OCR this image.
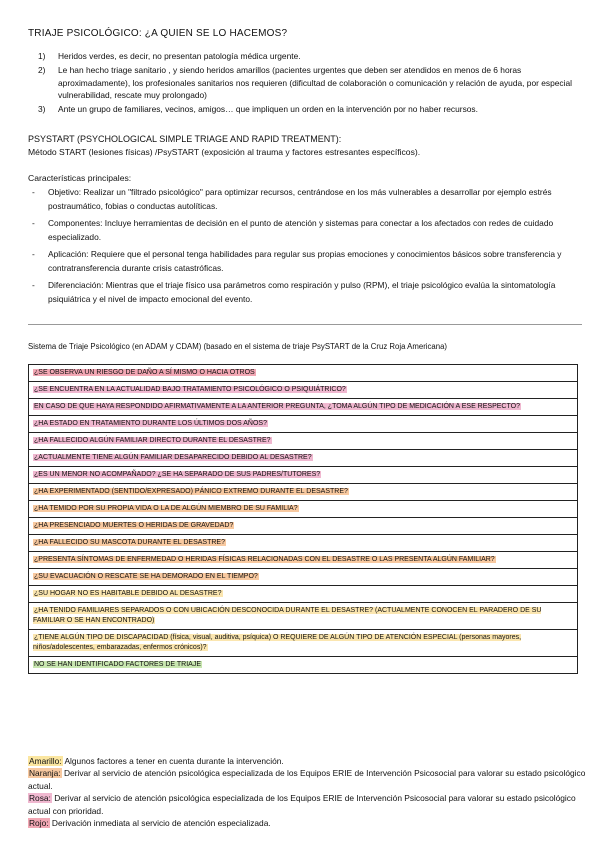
TRIAJE PSICOLÓGICO: ¿A QUIEN SE LO HACEMOS?
1) Heridos verdes, es decir, no presentan patología médica urgente.
2) Le han hecho triage sanitario , y siendo heridos amarillos (pacientes urgentes que deben ser atendidos en menos de 6 horas aproximadamente), los profesionales sanitarios nos requieren (dificultad de colaboración o comunicación y relación de ayuda, por especial vulnerabilidad, rescate muy prolongado)
3) Ante un grupo de familiares, vecinos, amigos… que impliquen un orden en la intervención por no haber recursos.
PSYSTART (PSYCHOLOGICAL SIMPLE TRIAGE AND RAPID TREATMENT):
Método START (lesiones físicas) /PsySTART (exposición al trauma y factores estresantes específicos).
Características principales:
- Objetivo: Realizar un "filtrado psicológico" para optimizar recursos, centrándose en los más vulnerables a desarrollar por ejemplo estrés postraumático, fobias o conductas autolíticas.
- Componentes: Incluye herramientas de decisión en el punto de atención y sistemas para conectar a los afectados con redes de cuidado especializado.
- Aplicación: Requiere que el personal tenga habilidades para regular sus propias emociones y conocimientos básicos sobre transferencia y contratransferencia durante crisis catastróficas.
- Diferenciación: Mientras que el triaje físico usa parámetros como respiración y pulso (RPM), el triaje psicológico evalúa la sintomatología psiquiátrica y el nivel de impacto emocional del evento.
Sistema de Triaje Psicológico (en ADAM y CDAM) (basado en el sistema de triaje PsySTART de la Cruz Roja Americana)
¿SE OBSERVA UN RIESGO DE DAÑO A SÍ MISMO O HACIA OTROS
¿SE ENCUENTRA EN LA ACTUALIDAD BAJO TRATAMIENTO PSICOLÓGICO O PSIQUIÁTRICO?
EN CASO DE QUE HAYA RESPONDIDO AFIRMATIVAMENTE A LA ANTERIOR PREGUNTA, ¿TOMA ALGÚN TIPO DE MEDICACIÓN A ESE RESPECTO?
¿HA ESTADO EN TRATAMIENTO DURANTE LOS ÚLTIMOS DOS AÑOS?
¿HA FALLECIDO ALGÚN FAMILIAR DIRECTO DURANTE EL DESASTRE?
¿ACTUALMENTE TIENE ALGÚN FAMILIAR DESAPARECIDO DEBIDO AL DESASTRE?
¿ES UN MENOR NO ACOMPAÑADO? ¿SE HA SEPARADO DE SUS PADRES/TUTORES?
¿HA EXPERIMENTADO (SENTIDO/EXPRESADO) PÁNICO EXTREMO DURANTE EL DESASTRE?
¿HA TEMIDO POR SU PROPIA VIDA O LA DE ALGÚN MIEMBRO DE SU FAMILIA?
¿HA PRESENCIADO MUERTES O HERIDAS DE GRAVEDAD?
¿HA FALLECIDO SU MASCOTA DURANTE EL DESASTRE?
¿PRESENTA SÍNTOMAS DE ENFERMEDAD O HERIDAS FÍSICAS RELACIONADAS CON EL DESASTRE O LAS PRESENTA ALGÚN FAMILIAR?
¿SU EVACUACIÓN O RESCATE SE HA DEMORADO EN EL TIEMPO?
¿SU HOGAR NO ES HABITABLE DEBIDO AL DESASTRE?
¿HA TENIDO FAMILIARES SEPARADOS O CON UBICACIÓN DESCONOCIDA DURANTE EL DESASTRE? (ACTUALMENTE CONOCEN EL PARADERO DE SU FAMILIAR O SE HAN ENCONTRADO)
¿TIENE ALGÚN TIPO DE DISCAPACIDAD (física, visual, auditiva, psíquica) O REQUIERE DE ALGÚN TIPO DE ATENCIÓN ESPECIAL (personas mayores, niños/adolescentes, embarazadas, enfermos crónicos)?
NO SE HAN IDENTIFICADO FACTORES DE TRIAJE
Amarillo: Algunos factores a tener en cuenta durante la intervención.
Naranja: Derivar al servicio de atención psicológica especializada de los Equipos ERIE de Intervención Psicosocial para valorar su estado psicológico actual.
Rosa: Derivar al servicio de atención psicológica especializada de los Equipos ERIE de Intervención Psicosocial para valorar su estado psicológico actual con prioridad.
Rojo: Derivación inmediata al servicio de atención especializada.
